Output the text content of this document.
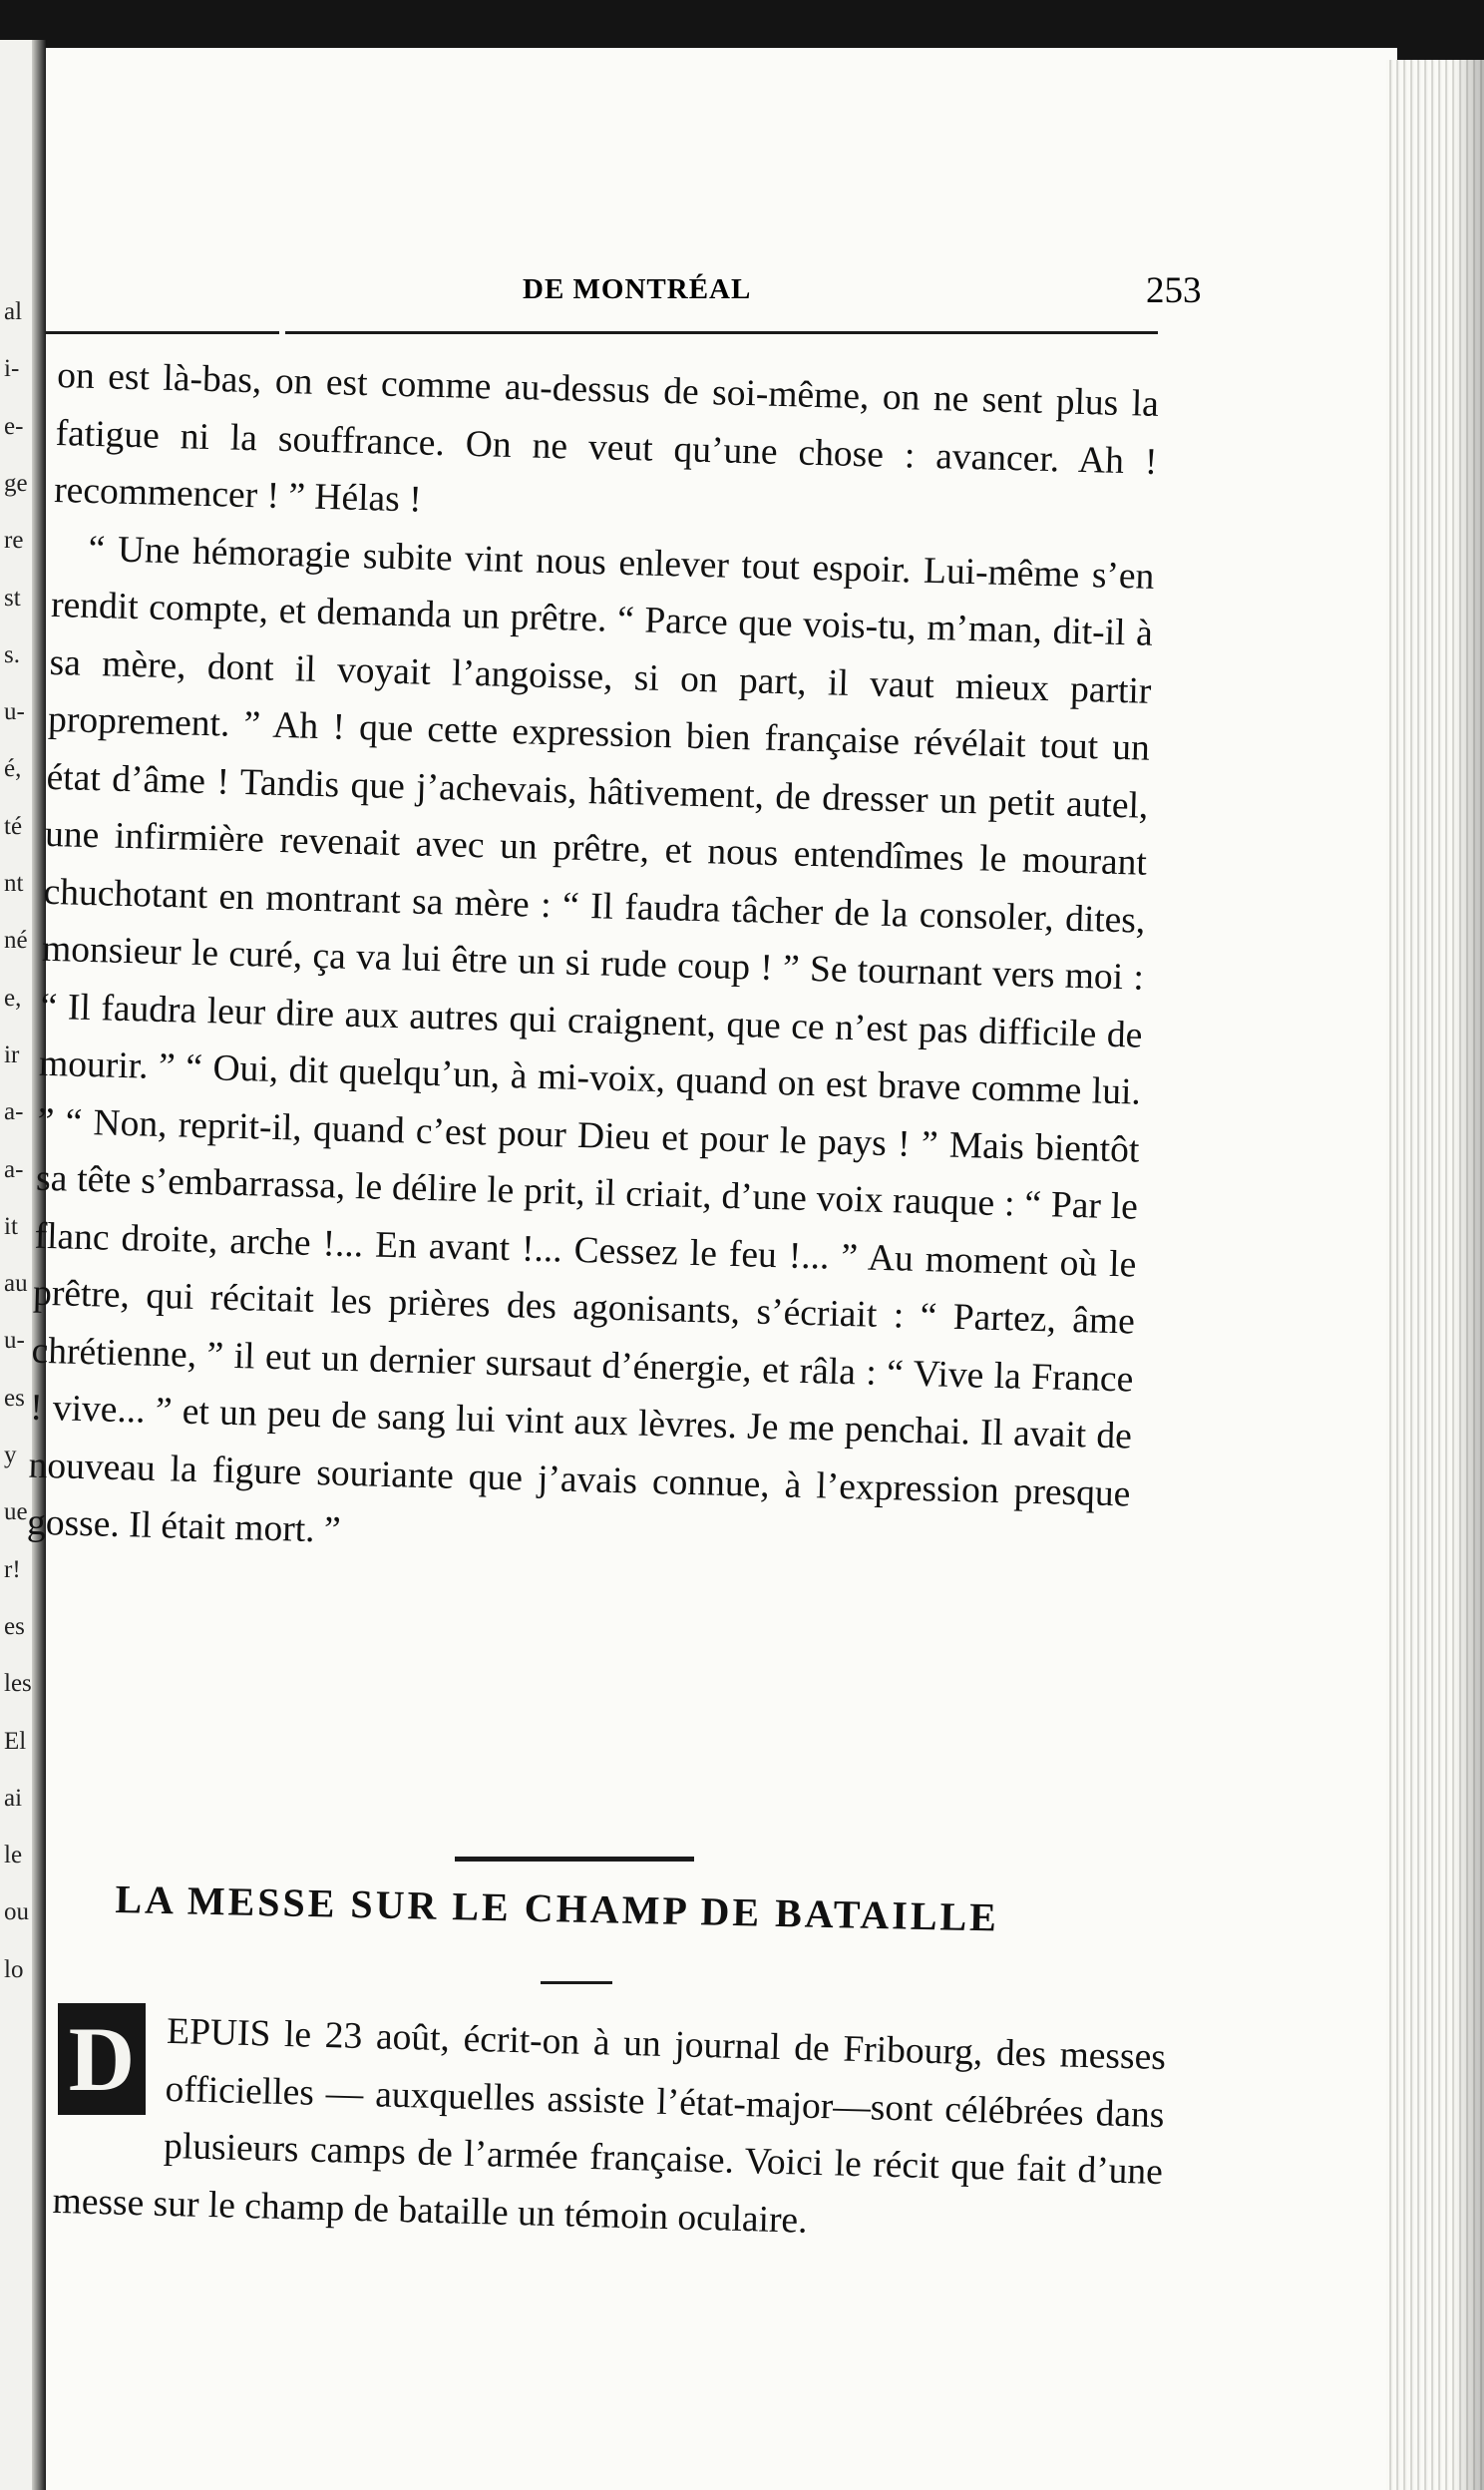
al
i-
e-
ge
re
st
s.
u-
é,
té
nt
né
e,
ir
a-
a-
it
au
u-
es
y
ue
r!
es
les
El
ai
le
ou
lo
DE MONTRÉAL	253

on est là-bas, on est comme au-dessus de soi-même, on ne sent plus la fatigue ni la souffrance. On ne veut qu’une chose : avancer. Ah ! recommencer ! ” Hélas !

“ Une hémoragie subite vint nous enlever tout espoir. Lui-même s’en rendit compte, et demanda un prêtre. “ Parce que vois-tu, m’man, dit-il à sa mère, dont il voyait l’angoisse, si on part, il vaut mieux partir proprement. ” Ah ! que cette expression bien française révélait tout un état d’âme ! Tandis que j’achevais, hâtivement, de dresser un petit autel, une infirmière revenait avec un prêtre, et nous entendîmes le mourant chuchotant en montrant sa mère : “ Il faudra tâcher de la consoler, dites, monsieur le curé, ça va lui être un si rude coup ! ” Se tournant vers moi : “ Il faudra leur dire aux autres qui craignent, que ce n’est pas difficile de mourir. ” “ Oui, dit quelqu’un, à mi-voix, quand on est brave comme lui. ” “ Non, reprit-il, quand c’est pour Dieu et pour le pays ! ” Mais bientôt sa tête s’embarrassa, le délire le prit, il criait, d’une voix rauque : “ Par le flanc droite, arche !... En avant !... Cessez le feu !... ” Au moment où le prêtre, qui récitait les prières des agonisants, s’écriait : “ Partez, âme chrétienne, ” il eut un dernier sursaut d’énergie, et râla : “ Vive la France ! vive... ” et un peu de sang lui vint aux lèvres. Je me penchai. Il avait de nouveau la figure souriante que j’avais connue, à l’expression presque gosse. Il était mort. ”

LA MESSE SUR LE CHAMP DE BATAILLE

EPUIS le 23 août, écrit-on à un journal de Fribourg, des messes officielles — auxquelles assiste l’état-major—sont célébrées dans plusieurs camps de l’armée française. Voici le récit que fait d’une messe sur le champ de bataille un témoin oculaire.

D
